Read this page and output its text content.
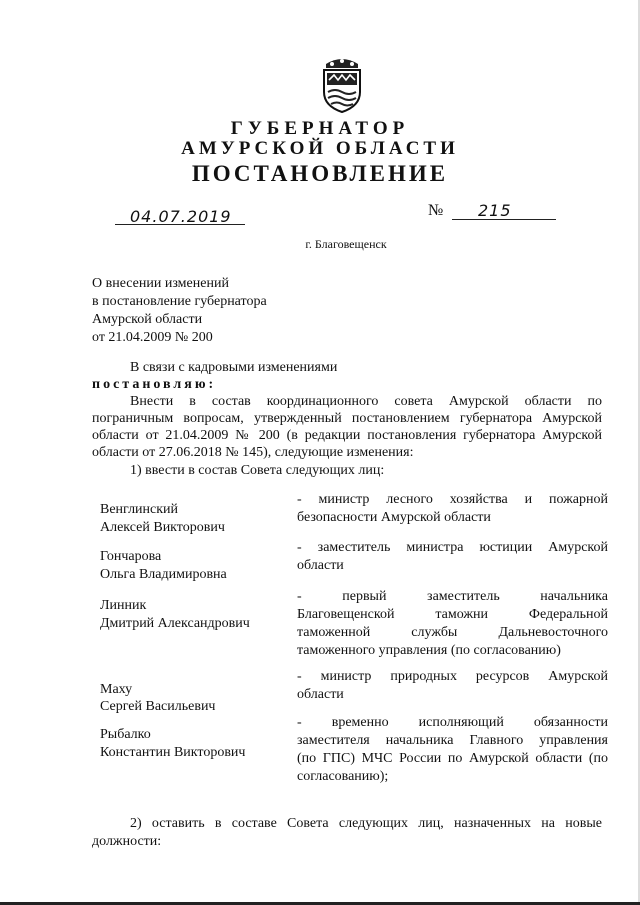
ГУБЕРНАТОР
АМУРСКОЙ ОБЛАСТИ
ПОСТАНОВЛЕНИЕ
04.07.2019	№ 215
г. Благовещенск
О внесении изменений
в постановление губернатора
Амурской области
от 21.04.2009 № 200
В связи с кадровыми изменениями
постановляю:
Внести в состав координационного совета Амурской области по
пограничным вопросам, утвержденный постановлением губернатора Амурской
области от 21.04.2009 № 200 (в редакции постановления губернатора Амурской
области от 27.06.2018 № 145), следующие изменения:
1) ввести в состав Совета следующих лиц:
Венглинский
Алексей Викторович
- министр лесного хозяйства и пожарной
безопасности Амурской области
Гончарова
Ольга Владимировна
- заместитель министра юстиции Амурской
области
Линник
Дмитрий Александрович
- первый заместитель начальника
Благовещенской таможни Федеральной
таможенной службы Дальневосточного
таможенного управления (по согласованию)
Маху
Сергей Васильевич
- министр природных ресурсов Амурской
области
Рыбалко
Константин Викторович
- временно исполняющий обязанности
заместителя начальника Главного управления
(по ГПС) МЧС России по Амурской области (по
согласованию);
2) оставить в составе Совета следующих лиц, назначенных на новые
должности:
